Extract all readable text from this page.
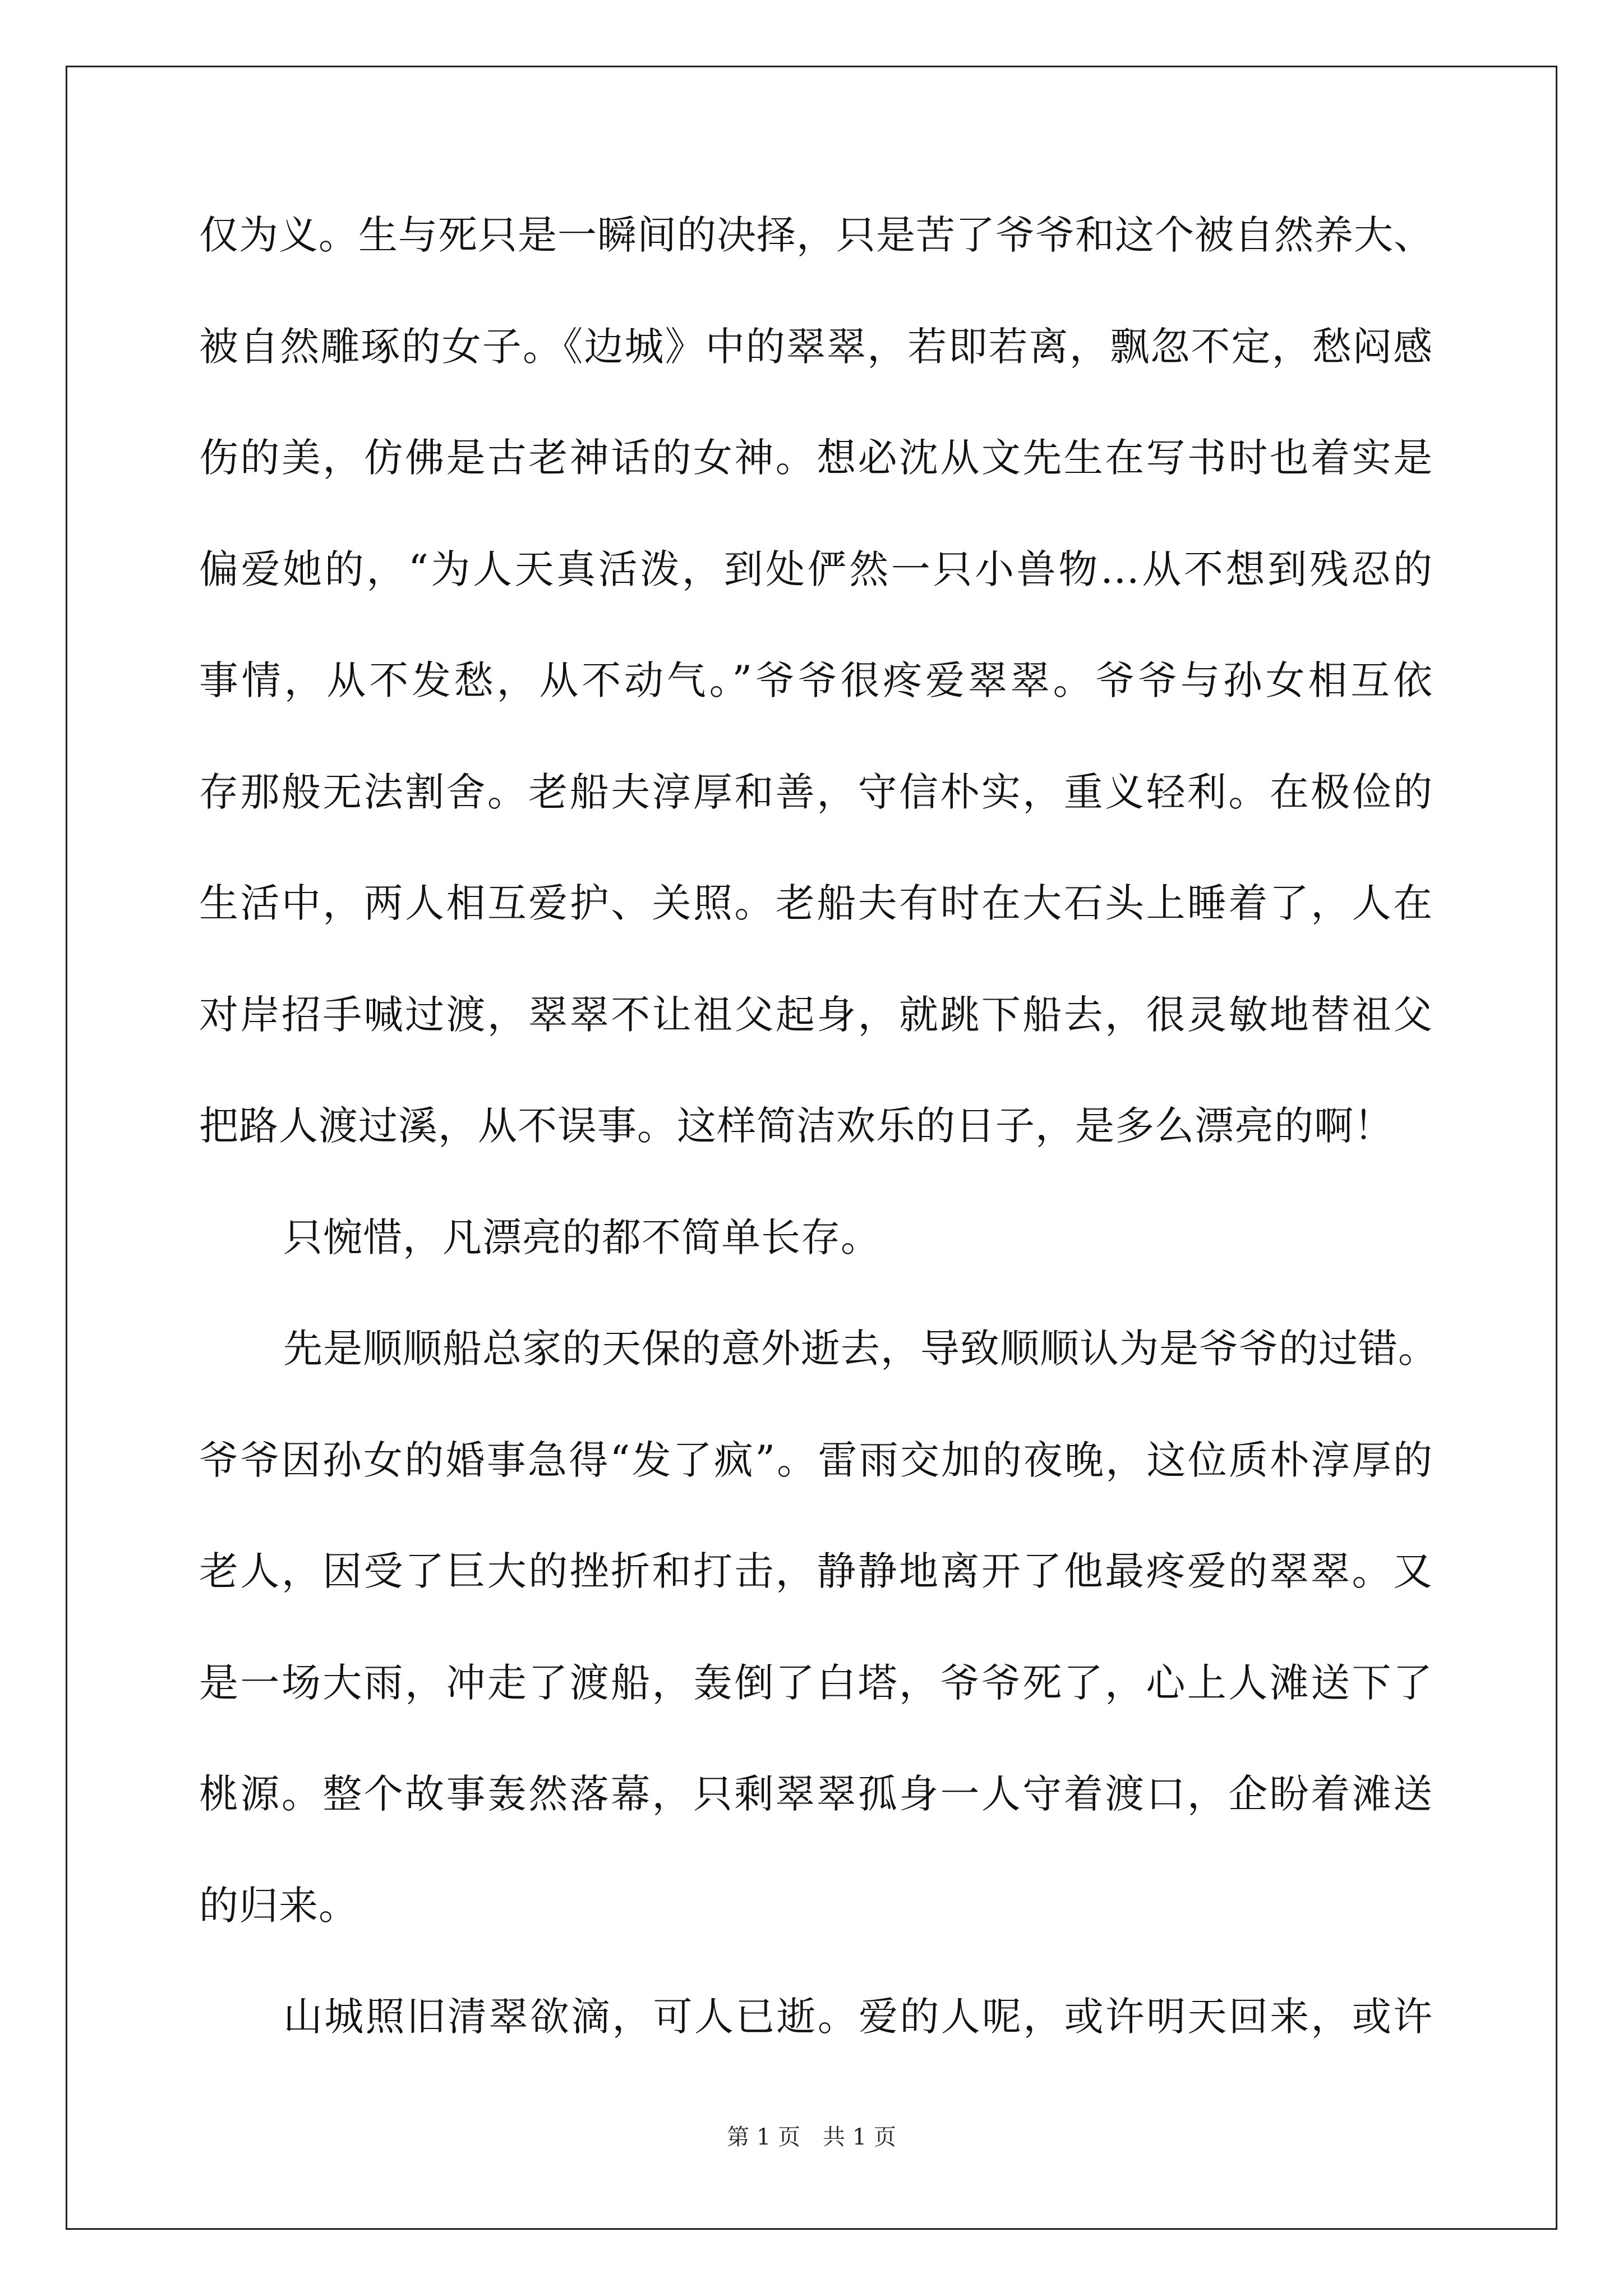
仅为义。生与死只是一瞬间的决择，只是苦了爷爷和这个被自然养大、
被自然雕琢的女子。《边城》中的翠翠，若即若离，飘忽不定，愁闷感
伤的美，仿佛是古老神话的女神。想必沈从文先生在写书时也着实是
偏爱她的，“为人天真活泼，到处俨然一只小兽物…从不想到残忍的
事情，从不发愁，从不动气。”爷爷很疼爱翠翠。爷爷与孙女相互依
存那般无法割舍。老船夫淳厚和善，守信朴实，重义轻利。在极俭的
生活中，两人相互爱护、关照。老船夫有时在大石头上睡着了，人在
对岸招手喊过渡，翠翠不让祖父起身，就跳下船去，很灵敏地替祖父
把路人渡过溪，从不误事。这样简洁欢乐的日子，是多么漂亮的啊！
只惋惜，凡漂亮的都不简单长存。
先是顺顺船总家的天保的意外逝去，导致顺顺认为是爷爷的过错。
爷爷因孙女的婚事急得“发了疯”。雷雨交加的夜晚，这位质朴淳厚的
老人，因受了巨大的挫折和打击，静静地离开了他最疼爱的翠翠。又
是一场大雨，冲走了渡船，轰倒了白塔，爷爷死了，心上人滩送下了
桃源。整个故事轰然落幕，只剩翠翠孤身一人守着渡口，企盼着滩送
的归来。
山城照旧清翠欲滴，可人已逝。爱的人呢，或许明天回来，或许
第 1 页　共 1 页
